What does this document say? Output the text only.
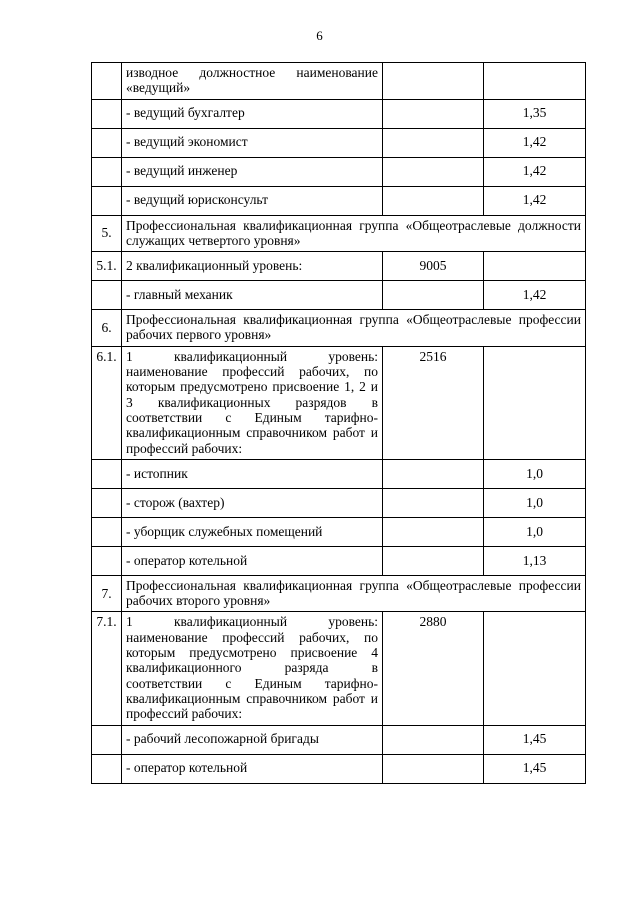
6
	изводное должностное наименование «ведущий»		
	- ведущий бухгалтер		1,35
	- ведущий экономист		1,42
	- ведущий инженер		1,42
	- ведущий юрисконсульт		1,42
5.	Профессиональная квалификационная группа «Общеотраслевые должности служащих четвертого уровня»		
5.1.	2 квалификационный уровень:	9005	
	- главный механик		1,42
6.	Профессиональная квалификационная группа «Общеотраслевые профессии рабочих первого уровня»		
6.1.	1 квалификационный уровень: наименование профессий рабочих, по которым предусмотрено присвоение 1, 2 и 3 квалификационных разрядов в соответствии с Единым тарифно-квалификационным справочником работ и профессий рабочих:	2516	
	- истопник		1,0
	- сторож (вахтер)		1,0
	- уборщик служебных помещений		1,0
	- оператор котельной		1,13
7.	Профессиональная квалификационная группа «Общеотраслевые профессии рабочих второго уровня»		
7.1.	1 квалификационный уровень: наименование профессий рабочих, по которым предусмотрено присвоение 4 квалификационного разряда в соответствии с Единым тарифно-квалификационным справочником работ и профессий рабочих:	2880	
	- рабочий лесопожарной бригады		1,45
	- оператор котельной		1,45
